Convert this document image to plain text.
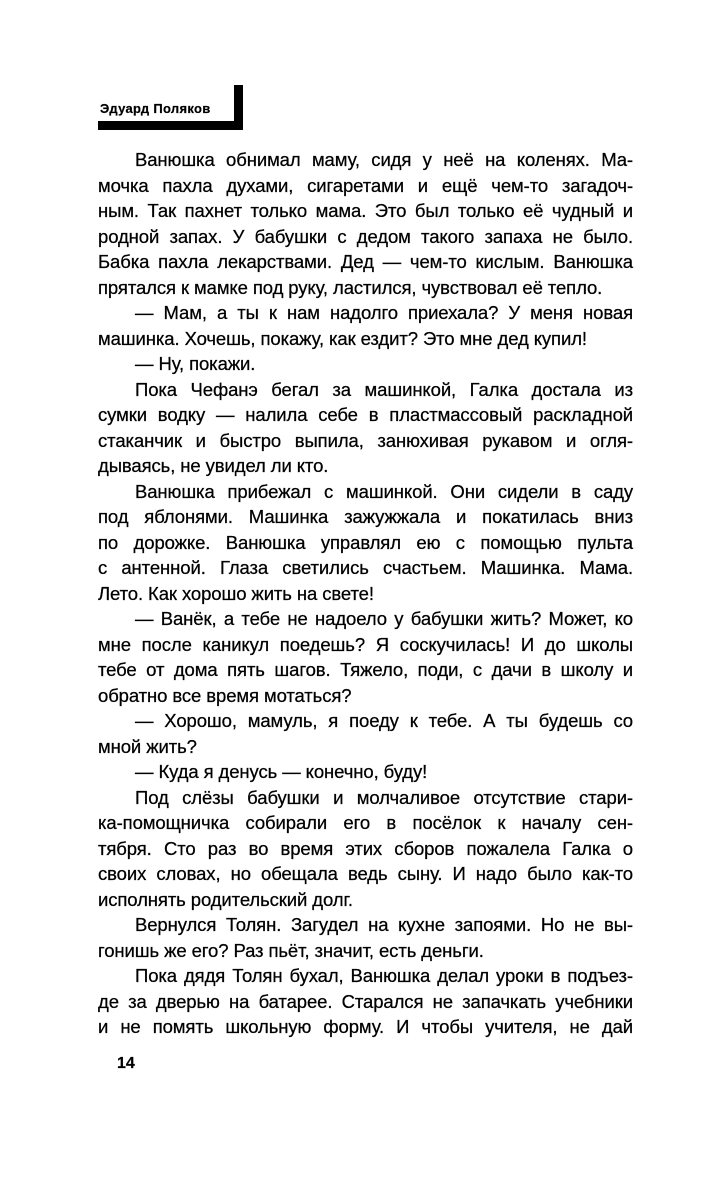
Эдуард Поляков
Ванюшка обнимал маму, сидя у неё на коленях. Ма-
мочка пахла духами, сигаретами и ещё чем-то загадоч-
ным. Так пахнет только мама. Это был только её чудный и
родной запах. У бабушки с дедом такого запаха не было.
Бабка пахла лекарствами. Дед — чем-то кислым. Ванюшка
прятался к мамке под руку, ластился, чувствовал её тепло.
— Мам, а ты к нам надолго приехала? У меня новая
машинка. Хочешь, покажу, как ездит? Это мне дед купил!
— Ну, покажи.
Пока Чефанэ бегал за машинкой, Галка достала из
сумки водку — налила себе в пластмассовый раскладной
стаканчик и быстро выпила, занюхивая рукавом и огля-
дываясь, не увидел ли кто.
Ванюшка прибежал с машинкой. Они сидели в саду
под яблонями. Машинка зажужжала и покатилась вниз
по дорожке. Ванюшка управлял ею с помощью пульта
с антенной. Глаза светились счастьем. Машинка. Мама.
Лето. Как хорошо жить на свете!
— Ванёк, а тебе не надоело у бабушки жить? Может, ко
мне после каникул поедешь? Я соскучилась! И до школы
тебе от дома пять шагов. Тяжело, поди, с дачи в школу и
обратно все время мотаться?
— Хорошо, мамуль, я поеду к тебе. А ты будешь со
мной жить?
— Куда я денусь — конечно, буду!
Под слёзы бабушки и молчаливое отсутствие стари-
ка-помощничка собирали его в посёлок к началу сен-
тября. Сто раз во время этих сборов пожалела Галка о
своих словах, но обещала ведь сыну. И надо было как-то
исполнять родительский долг.
Вернулся Толян. Загудел на кухне запоями. Но не вы-
гонишь же его? Раз пьёт, значит, есть деньги.
Пока дядя Толян бухал, Ванюшка делал уроки в подъез-
де за дверью на батарее. Старался не запачкать учебники
и не помять школьную форму. И чтобы учителя, не дай
14
